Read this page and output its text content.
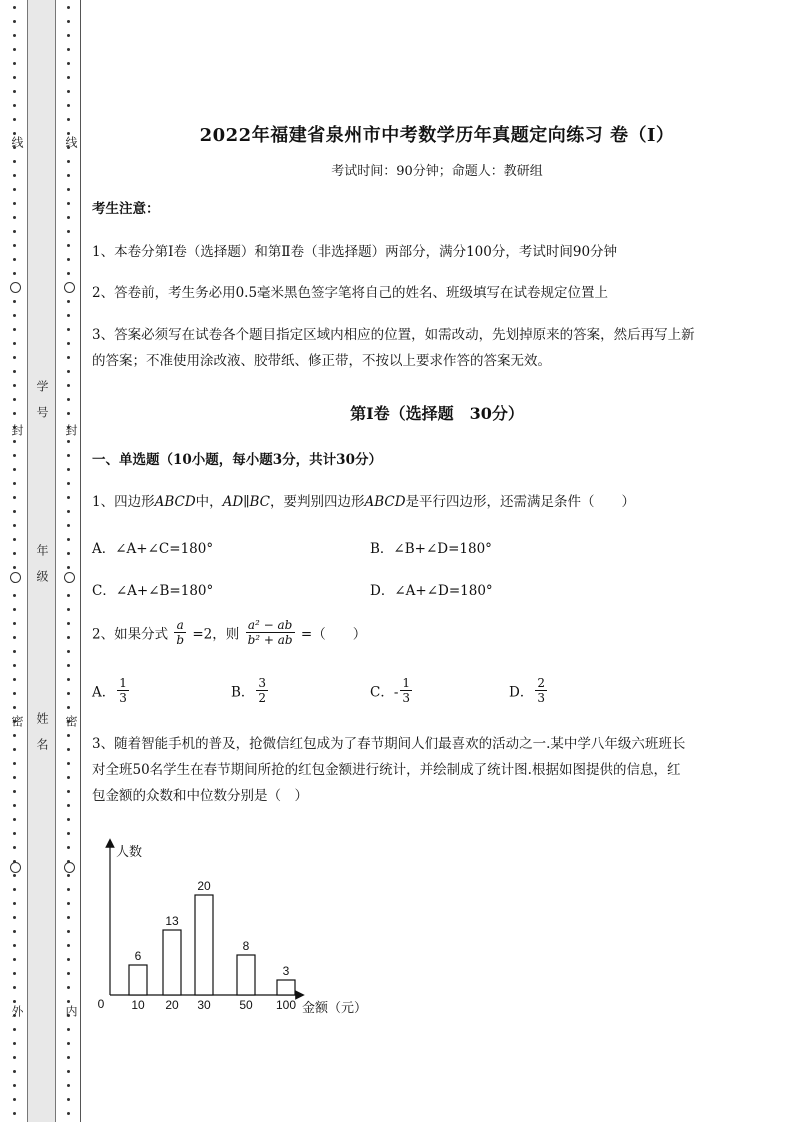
线
封
密
外
学号
年级
姓名
线
封
密
内
2022年福建省泉州市中考数学历年真题定向练习 卷（Ⅰ）
考试时间：90分钟；命题人：教研组
考生注意：
1、本卷分第Ⅰ卷（选择题）和第Ⅱ卷（非选择题）两部分，满分100分，考试时间90分钟
2、答卷前，考生务必用0.5毫米黑色签字笔将自己的姓名、班级填写在试卷规定位置上
3、答案必须写在试卷各个题目指定区域内相应的位置，如需改动，先划掉原来的答案，然后再写上新
的答案；不准使用涂改液、胶带纸、修正带，不按以上要求作答的答案无效。
第Ⅰ卷（选择题　30分）
一、单选题（10小题，每小题3分，共计30分）
1、四边形ABCD中，AD∥BC，要判别四边形ABCD是平行四边形，还需满足条件（　　）
A．∠A+∠C=180°	B．∠B+∠D=180°
C．∠A+∠B=180°	D．∠A+∠D=180°
2、如果分式 $\frac{a}{b} =2$，则 $\frac{\text{a² − ab}}{\text{b² + ab}}$ =（　　）
A． $\frac{1}{3}$	B． $\frac{3}{2}$	C．- $\frac{1}{3}$	D． $\frac{2}{3}$
3、随着智能手机的普及，抢微信红包成为了春节期间人们最喜欢的活动之一.某中学八年级六班班长
对全班50名学生在春节期间所抢的红包金额进行统计，并绘制成了统计图.根据如图提供的信息，红
包金额的众数和中位数分别是（　）
人数
金额（元）
0
6
10
13
20
20
30
8
50
3
100
